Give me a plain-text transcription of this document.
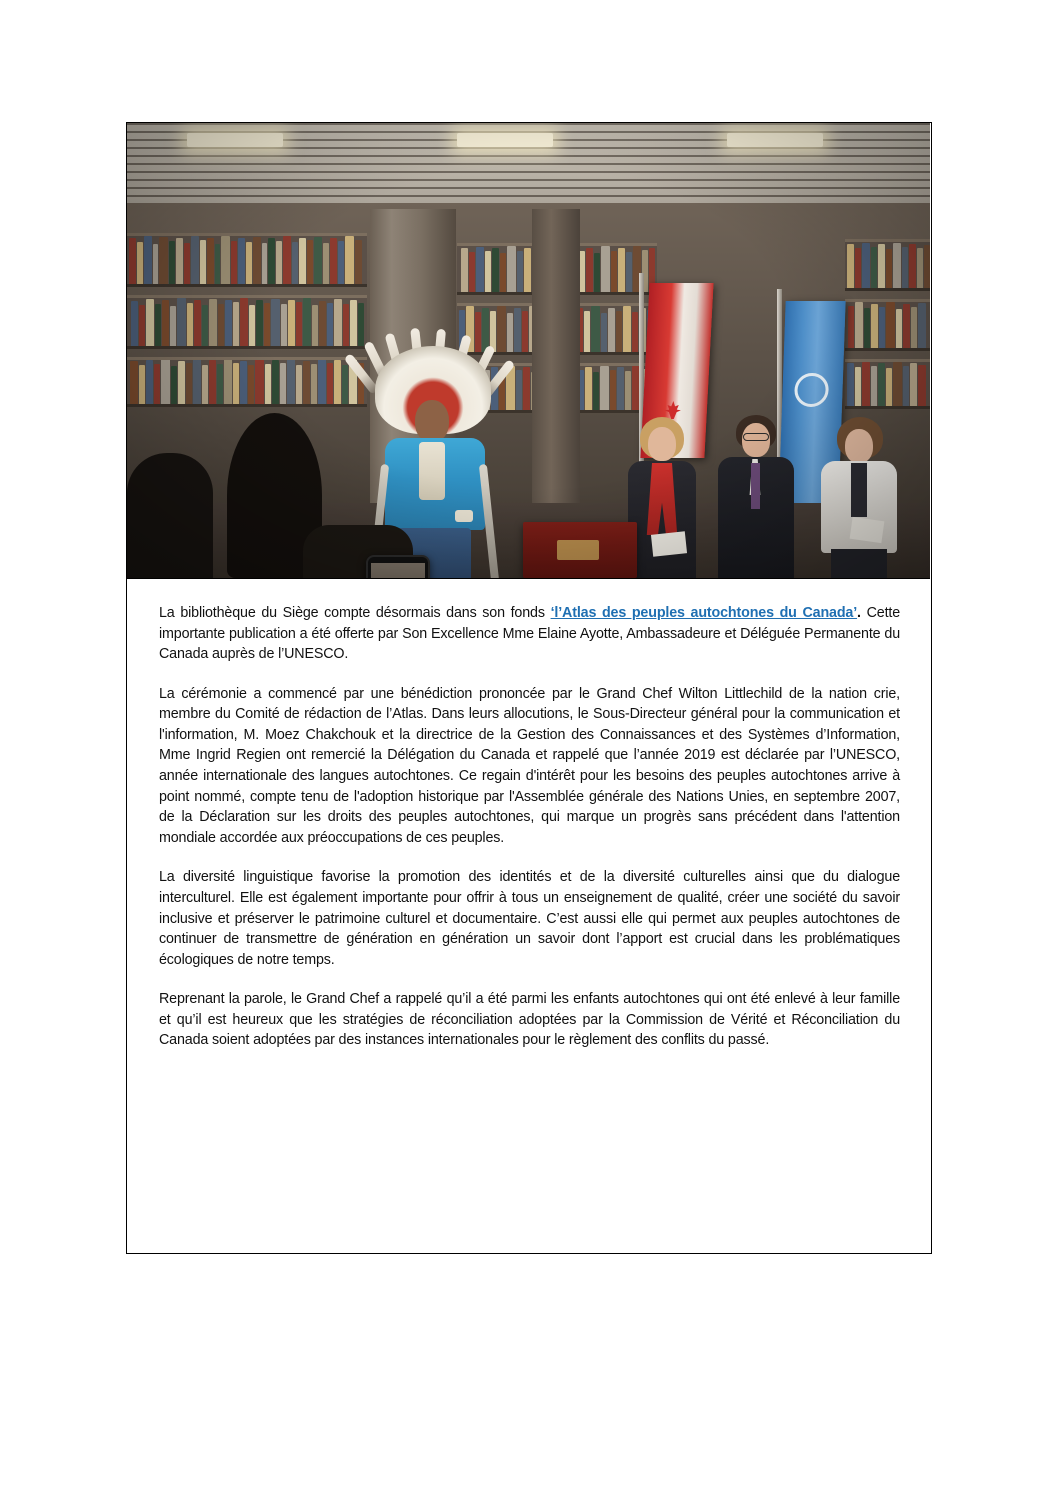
La bibliothèque du Siège compte désormais dans son fonds ‘l’Atlas des peuples autochtones du Canada’. Cette importante publication a été offerte par Son Excellence Mme Elaine Ayotte, Ambassadeure et Déléguée Permanente du Canada auprès de l’UNESCO.

La cérémonie a commencé par une bénédiction prononcée par le Grand Chef Wilton Littlechild de la nation crie, membre du Comité de rédaction de l’Atlas. Dans leurs allocutions, le Sous-Directeur général pour la communication et l'information, M. Moez Chakchouk et la directrice de la Gestion des Connaissances et des Systèmes d’Information, Mme Ingrid Regien ont remercié la Délégation du Canada et rappelé que l’année 2019 est déclarée par l’UNESCO, année internationale des langues autochtones. Ce regain d'intérêt pour les besoins des peuples autochtones arrive à point nommé, compte tenu de l'adoption historique par l'Assemblée générale des Nations Unies, en septembre 2007, de la Déclaration sur les droits des peuples autochtones, qui marque un progrès sans précédent dans l'attention mondiale accordée aux préoccupations de ces peuples.

La diversité linguistique favorise la promotion des identités et de la diversité culturelles ainsi que du dialogue interculturel. Elle est également importante pour offrir à tous un enseignement de qualité, créer une société du savoir inclusive et préserver le patrimoine culturel et documentaire. C’est aussi elle qui permet aux peuples autochtones de continuer de transmettre de génération en génération un savoir dont l’apport est crucial dans les problématiques écologiques de notre temps.

Reprenant la parole, le Grand Chef a rappelé qu’il a été parmi les enfants autochtones qui ont été enlevé à leur famille et qu’il est heureux que les stratégies de réconciliation adoptées par la Commission de Vérité et Réconciliation du Canada soient adoptées par des instances internationales pour le règlement des conflits du passé.
